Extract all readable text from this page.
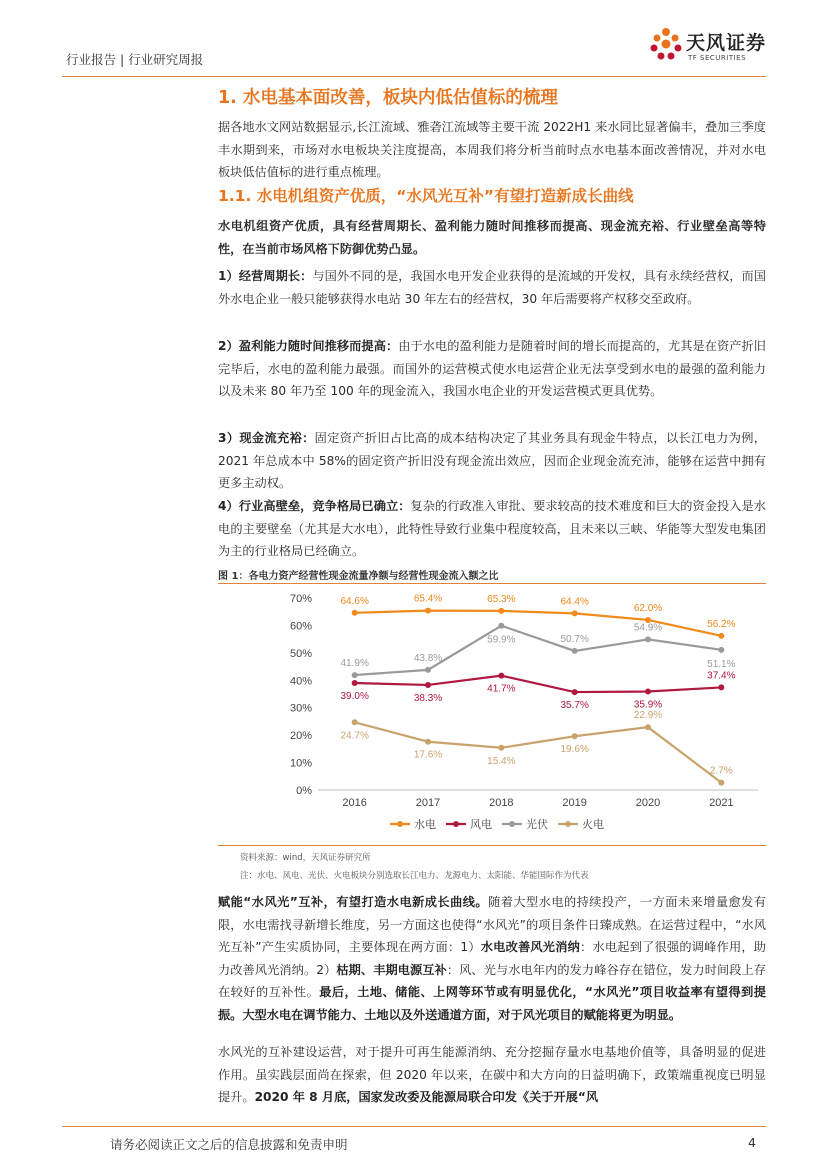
行业报告 | 行业研究周报
天风证券
TF SECURITIES
1. 水电基本面改善，板块内低估值标的梳理
据各地水文网站数据显示,长江流域、雅砻江流域等主要干流 2022H1 来水同比显著偏丰，叠加三季度丰水期到来，市场对水电板块关注度提高，本周我们将分析当前时点水电基本面改善情况，并对水电板块低估值标的进行重点梳理。
1.1. 水电机组资产优质，“水风光互补”有望打造新成长曲线
水电机组资产优质，具有经营周期长、盈利能力随时间推移而提高、现金流充裕、行业壁垒高等特性，在当前市场风格下防御优势凸显。
1）经营周期长：与国外不同的是，我国水电开发企业获得的是流域的开发权，具有永续经营权，而国外水电企业一般只能够获得水电站 30 年左右的经营权，30 年后需要将产权移交至政府。
2）盈利能力随时间推移而提高：由于水电的盈利能力是随着时间的增长而提高的，尤其是在资产折旧完毕后，水电的盈利能力最强。而国外的运营模式使水电运营企业无法享受到水电的最强的盈利能力以及未来 80 年乃至 100 年的现金流入，我国水电企业的开发运营模式更具优势。
3）现金流充裕：固定资产折旧占比高的成本结构决定了其业务具有现金牛特点，以长江电力为例，2021 年总成本中 58%的固定资产折旧没有现金流出效应，因而企业现金流充沛，能够在运营中拥有更多主动权。
4）行业高壁垒，竞争格局已确立：复杂的行政准入审批、要求较高的技术难度和巨大的资金投入是水电的主要壁垒（尤其是大水电），此特性导致行业集中程度较高，且未来以三峡、华能等大型发电集团为主的行业格局已经确立。
图 1：各电力资产经营性现金流量净额与经营性现金流入额之比
0%
10%
20%
30%
40%
50%
60%
70%
2016	2017	2018	2019	2020	2021
64.6%	65.4%	65.3%	64.4%
62.0%
56.2%
39.0%	38.3%
41.7%
35.7%	35.9%
37.4%
41.9%	43.8%
59.9%	50.7%
54.9%
51.1%
24.7%
17.6%
15.4%
19.6%
22.9%
2.7%
水电	风电	光伏	火电
资料来源：wind，天风证券研究所
注：水电、风电、光伏、火电板块分别选取长江电力、龙源电力、太阳能、华能国际作为代表
赋能“水风光”互补，有望打造水电新成长曲线。随着大型水电的持续投产，一方面未来增量愈发有限，水电需找寻新增长维度，另一方面这也使得“水风光”的项目条件日臻成熟。在运营过程中，“水风光互补”产生实质协同，主要体现在两方面：1）水电改善风光消纳：水电起到了很强的调峰作用，助力改善风光消纳。2）枯期、丰期电源互补：风、光与水电年内的发力峰谷存在错位，发力时间段上存在较好的互补性。最后，土地、储能、上网等环节或有明显优化，“水风光”项目收益率有望得到提振。大型水电在调节能力、土地以及外送通道方面，对于风光项目的赋能将更为明显。
水风光的互补建设运营，对于提升可再生能源消纳、充分挖掘存量水电基地价值等，具备明显的促进作用。虽实践层面尚在探索，但 2020 年以来，在碳中和大方向的日益明确下，政策端重视度已明显提升。2020 年 8 月底，国家发改委及能源局联合印发《关于开展“风
请务必阅读正文之后的信息披露和免责申明	4
